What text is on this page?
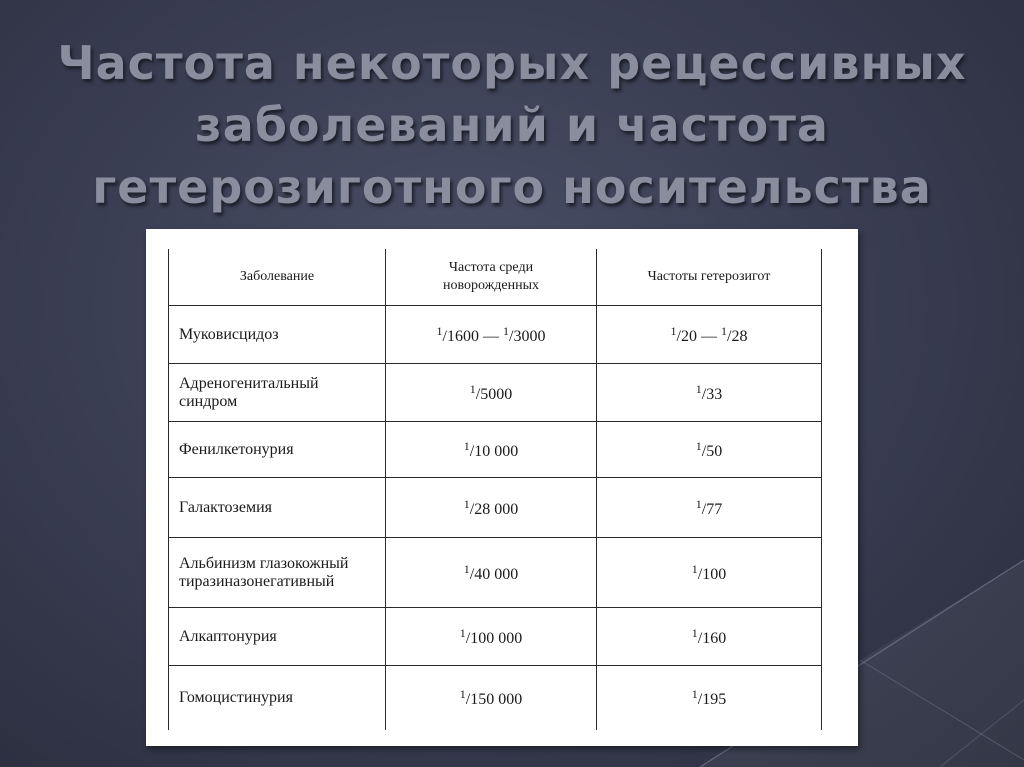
Частота некоторых рецессивных
заболеваний и частота
гетерозиготного носительства
Заболевание	Частота среди новорожденных	Частоты гетерозигот
Муковисцидоз	$^1$/1600 — $^1$/3000	$^1$/20 — $^1$/28
Адреногенитальный синдром	$^1$/5000	$^1$/33
Фенилкетонурия	$^1$/10 000	$^1$/50
Галактоземия	$^1$/28 000	$^1$/77
Альбинизм глазокожный тиразиназонегативный	$^1$/40 000	$^1$/100
Алкаптонурия	$^1$/100 000	$^1$/160
Гомоцистинурия	$^1$/150 000	$^1$/195
